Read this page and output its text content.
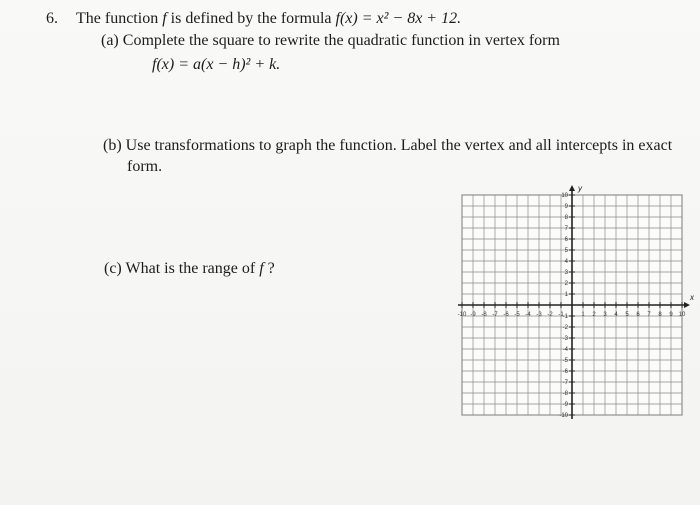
6. The function f is defined by the formula f(x) = x² − 8x + 12.
(a) Complete the square to rewrite the quadratic function in vertex form
f(x) = a(x − h)² + k.
(b) Use transformations to graph the function. Label the vertex and all intercepts in exact
form.
(c) What is the range of f ?
-10 -9 -8 -7 -6 -5 -4 -3 -2 -1	1 2 3 4 5 6 7 8 9 10
10
9
8
7
6
5
4
3
2
1
-1
-2
-3
-4
-5
-6
-7
-8
-9
-10
x
y
